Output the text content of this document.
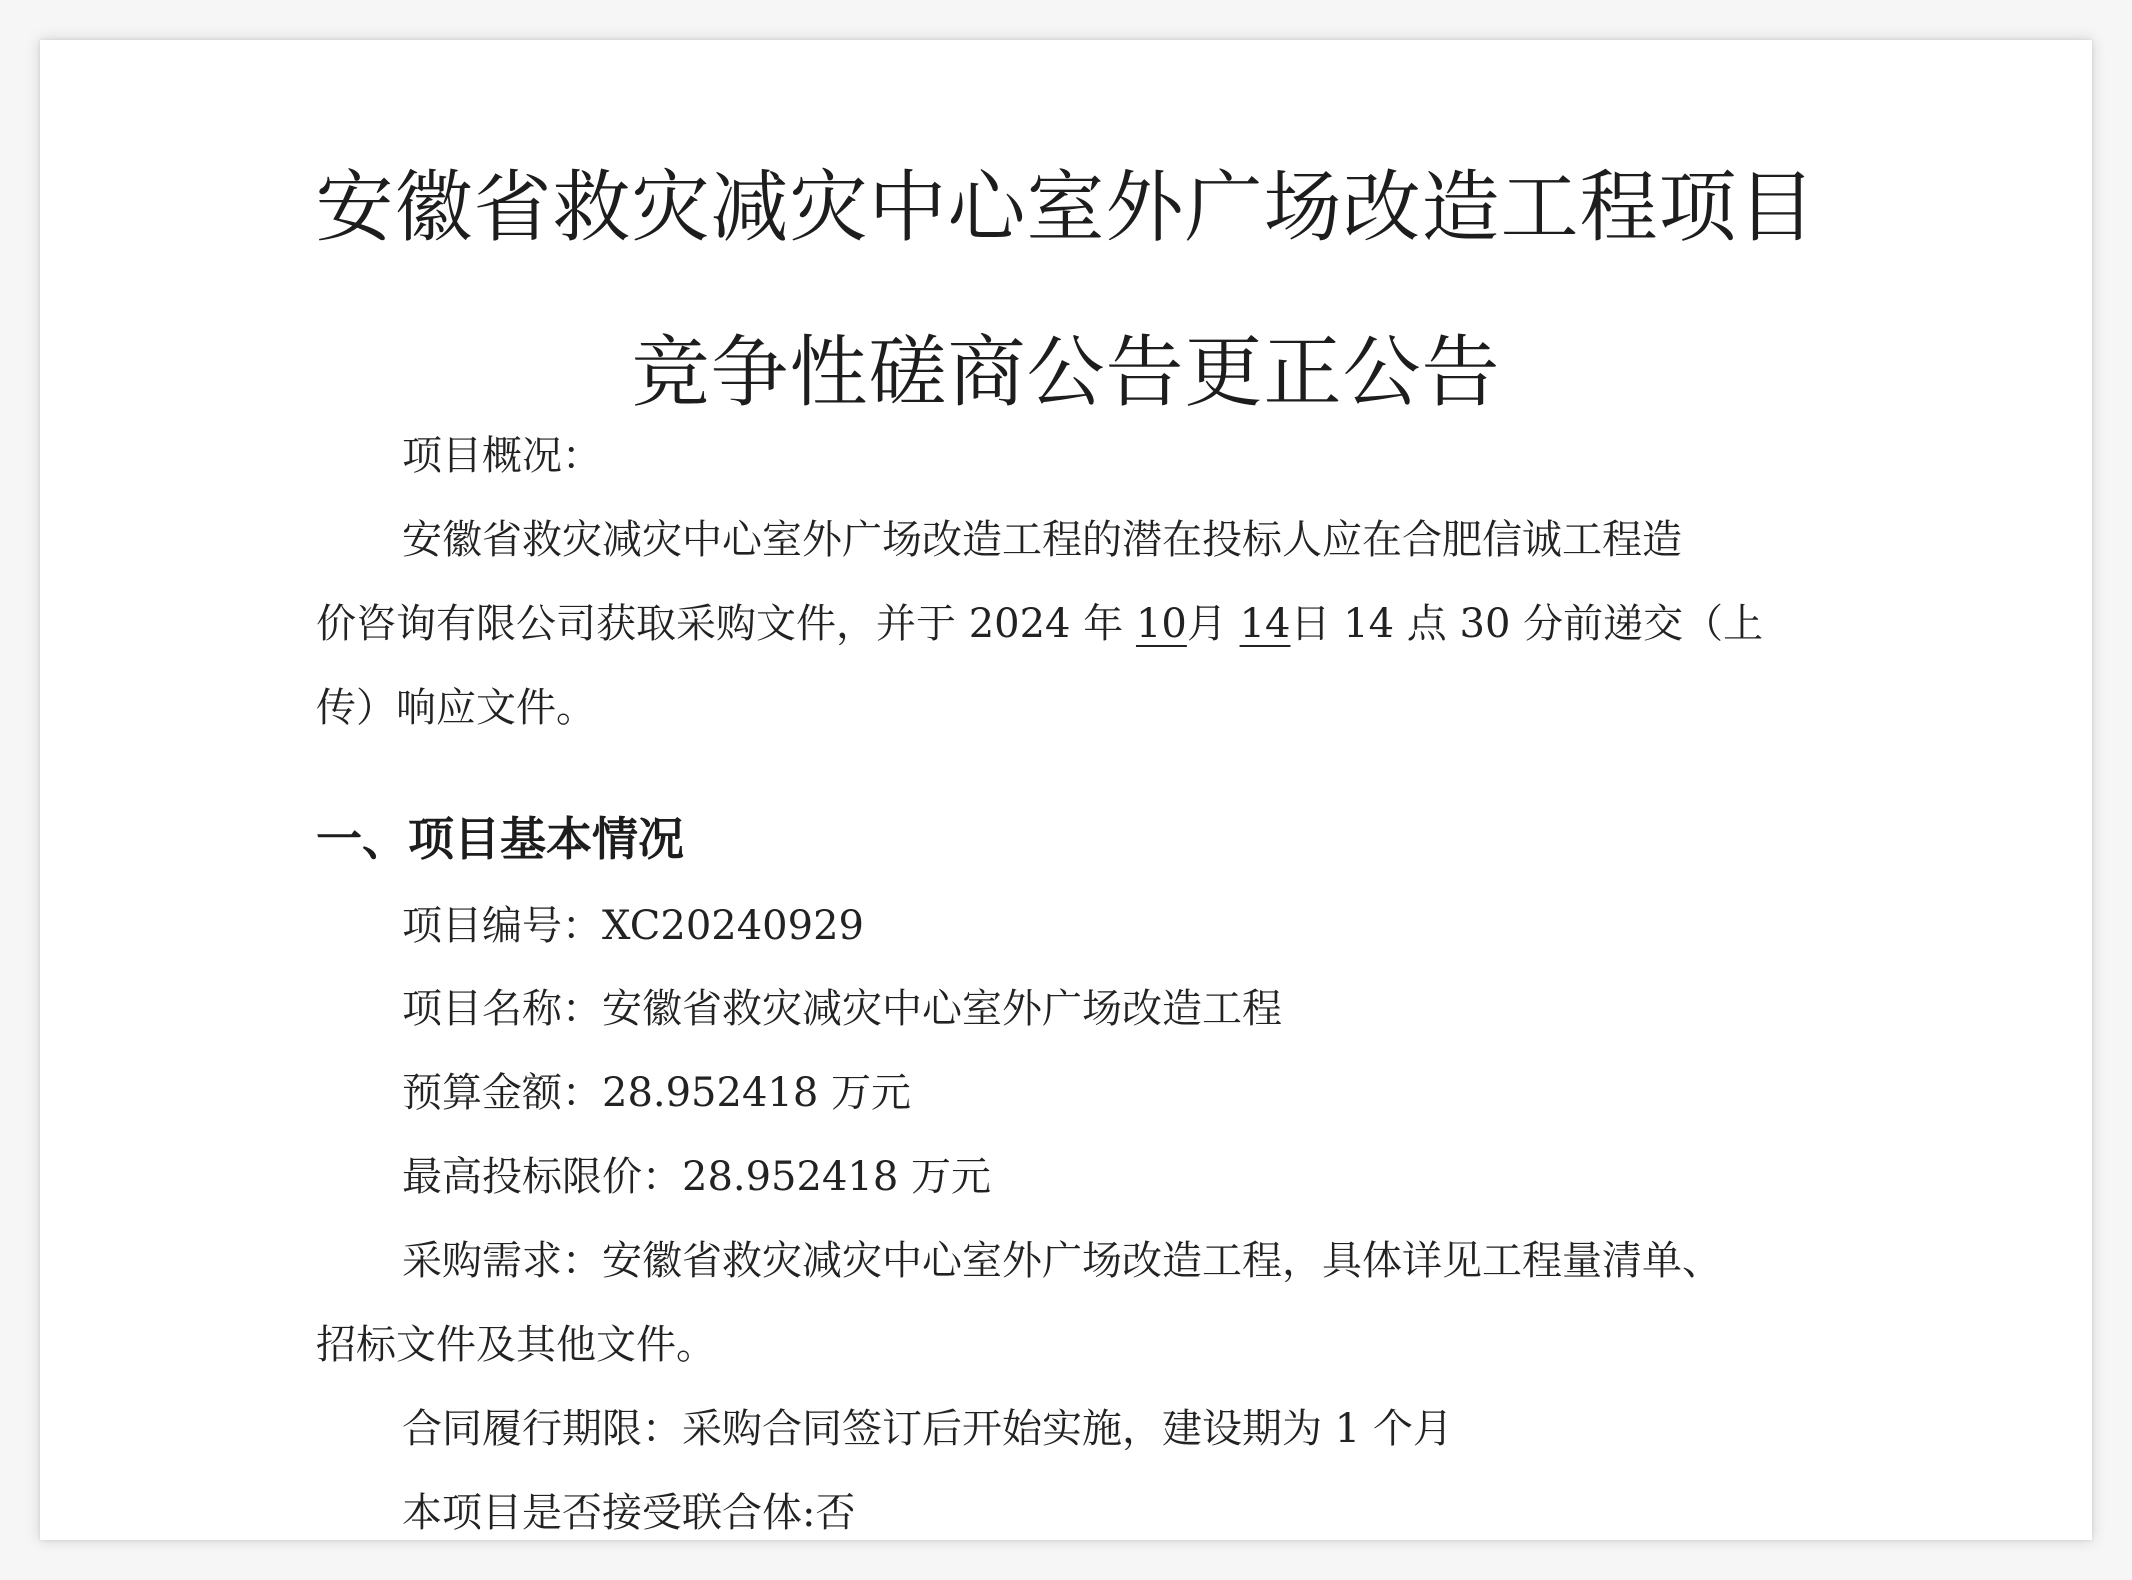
安徽省救灾减灾中心室外广场改造工程项目
竞争性磋商公告更正公告
项目概况：
安徽省救灾减灾中心室外广场改造工程的潜在投标人应在合肥信诚工程造
价咨询有限公司获取采购文件，并于 2024 年 10月 14日 14 点 30 分前递交（上
传）响应文件。
一、项目基本情况
项目编号：XC20240929
项目名称：安徽省救灾减灾中心室外广场改造工程
预算金额：28.952418 万元
最高投标限价：28.952418 万元
采购需求：安徽省救灾减灾中心室外广场改造工程，具体详见工程量清单、
招标文件及其他文件。
合同履行期限：采购合同签订后开始实施，建设期为 1 个月
本项目是否接受联合体:否
